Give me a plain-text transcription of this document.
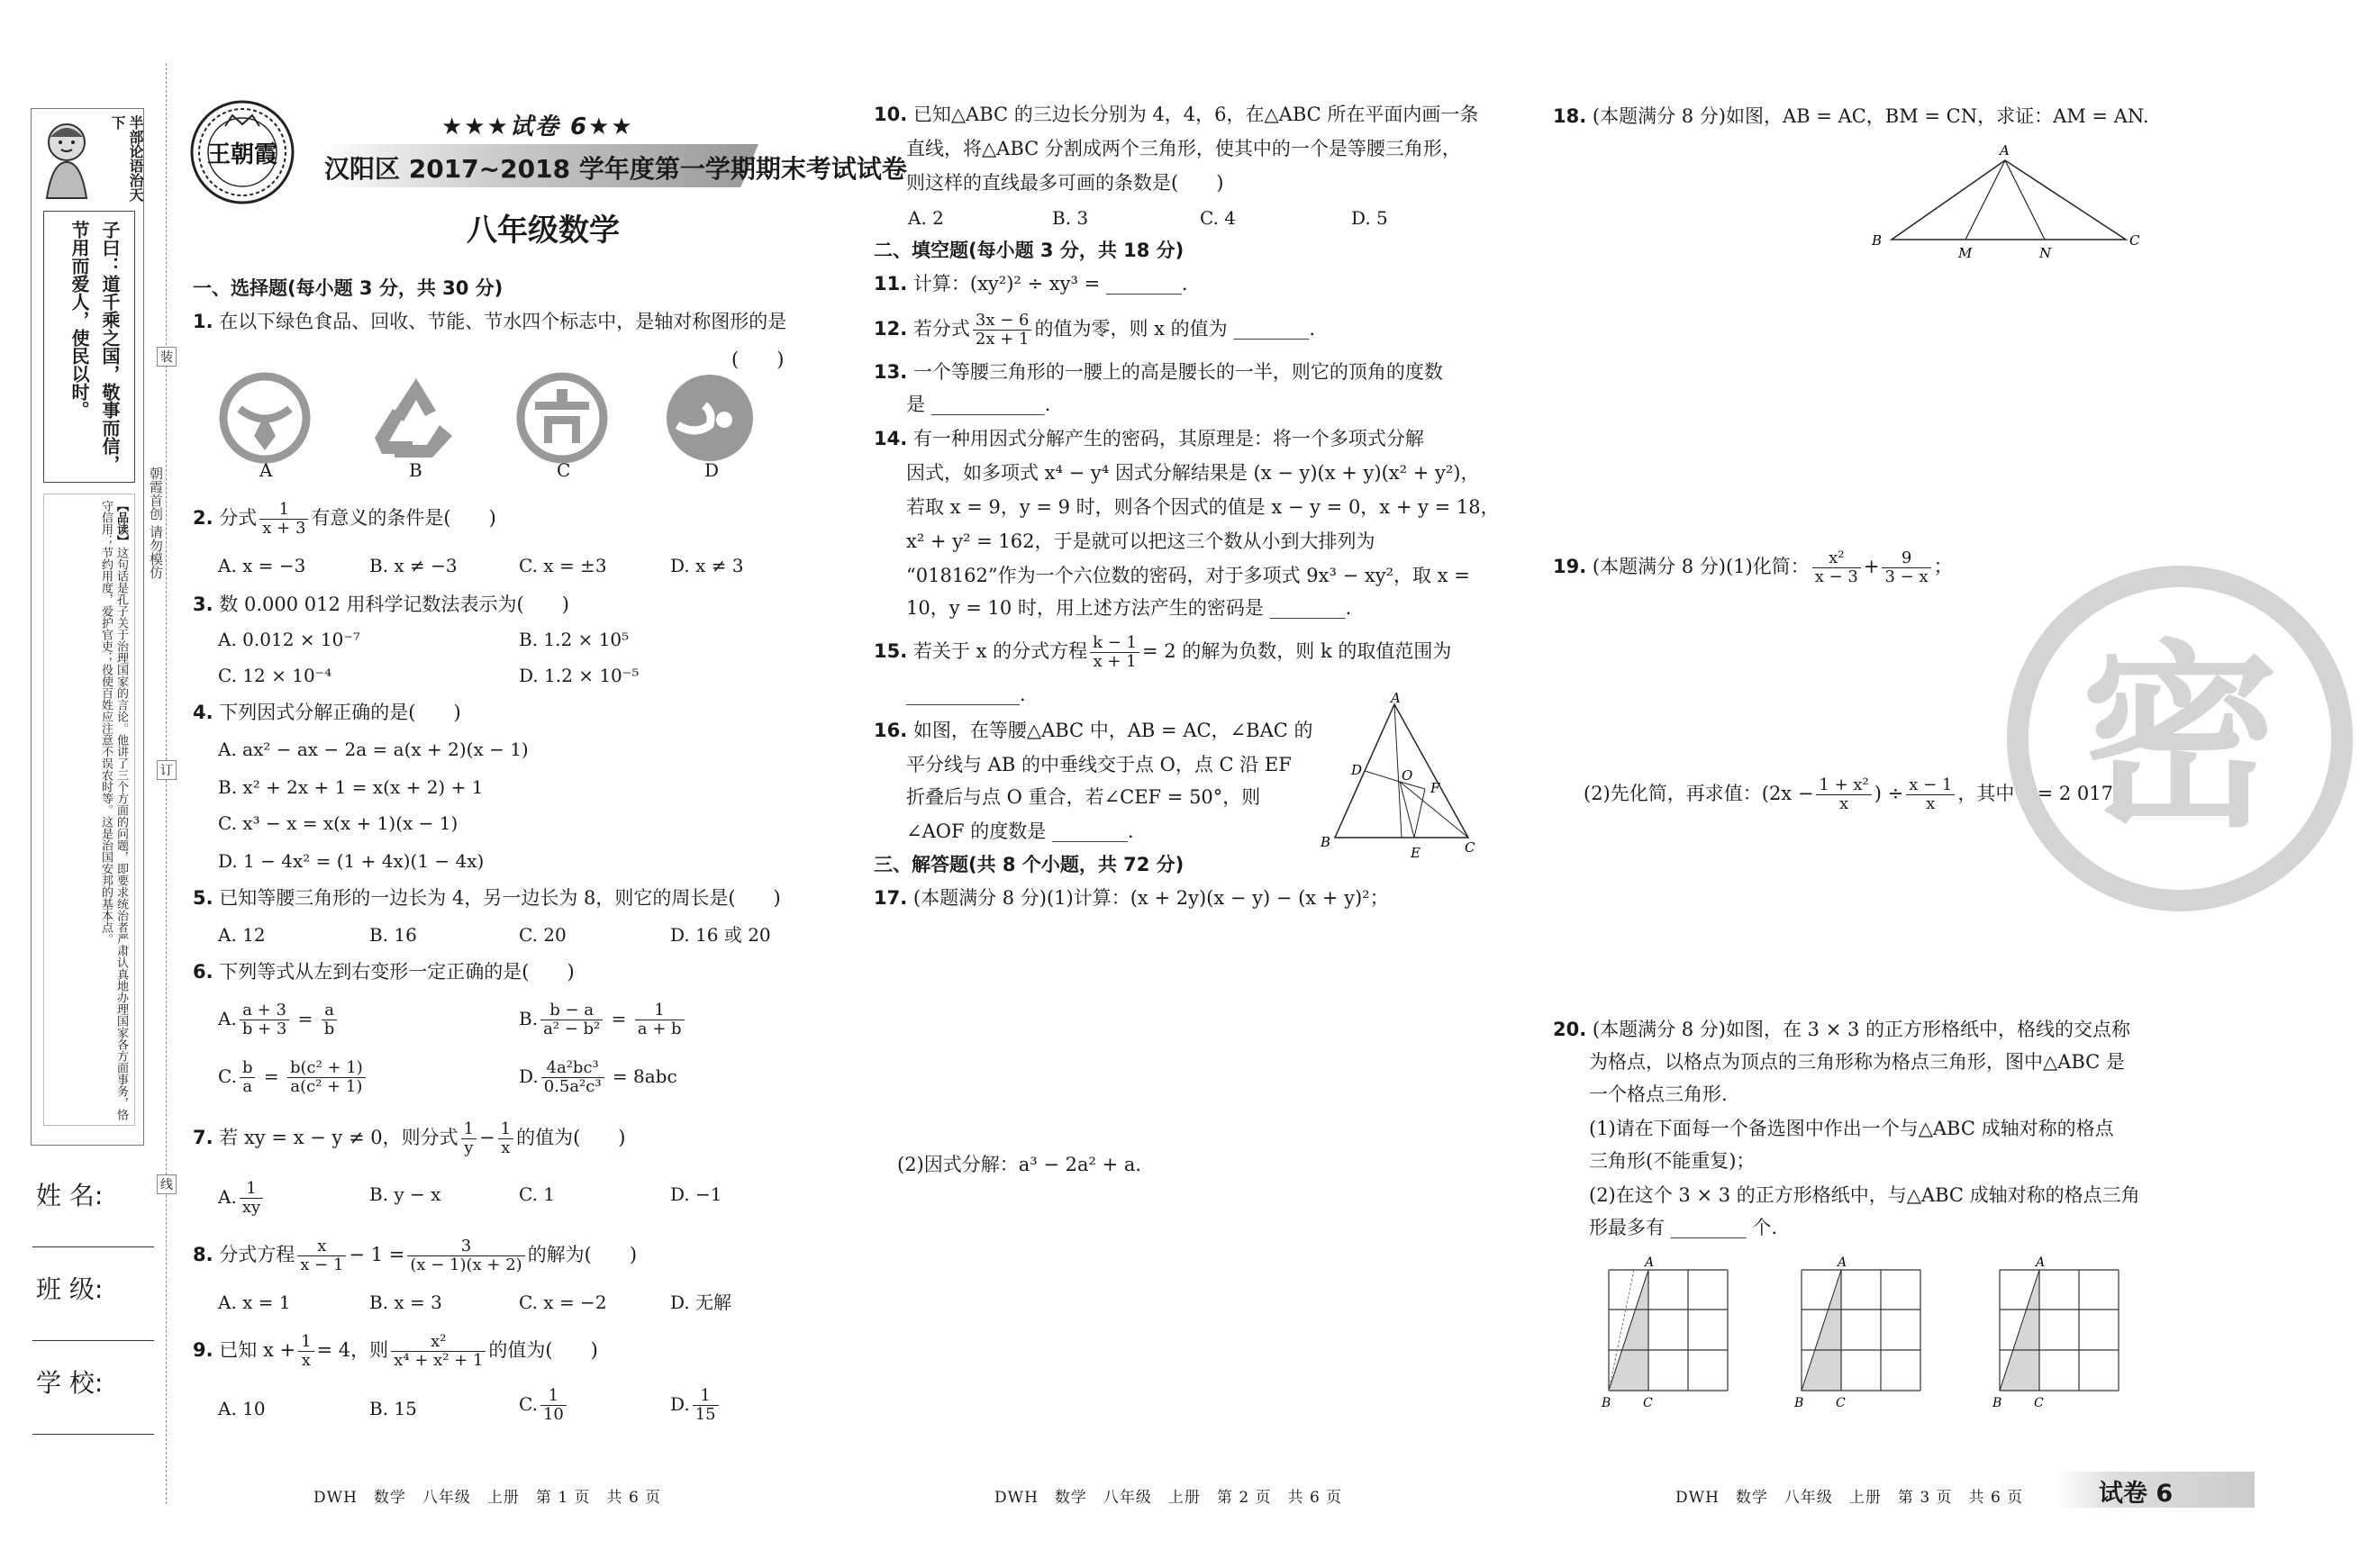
半部论语治天下
子曰：道千乘之国，敬事而信，节用而爱人，使民以时。
【品读】这句话是孔子关于治理国家的言论。他讲了三个方面的问题，即要求统治者严肃认真地办理国家各方面事务，恪守信用；节约用度，爱护官吏；役使百姓应注意不误农时等。这是治国安邦的基本点。
姓 名:
班 级:
学 校:
装
订
线
朝霞首创 请勿模仿
王朝霞
★★★试卷 6★★
汉阳区 2017~2018 学年度第一学期期末考试试卷
八年级数学
一、选择题(每小题 3 分，共 30 分)
1. 在以下绿色食品、回收、节能、节水四个标志中，是轴对称图形的是
(　　)
A	B	C	D
2. 分式 $\frac{1}{x + 3}$ 有意义的条件是(　　)
A. x = −3	B. x ≠ −3	C. x = ±3	D. x ≠ 3
3. 数 0.000 012 用科学记数法表示为(　　)
A. 0.012 × 10⁻⁷	B. 1.2 × 10⁵
C. 12 × 10⁻⁴	D. 1.2 × 10⁻⁵
4. 下列因式分解正确的是(　　)
A. ax² − ax − 2a = a(x + 2)(x − 1)
B. x² + 2x + 1 = x(x + 2) + 1
C. x³ − x = x(x + 1)(x − 1)
D. 1 − 4x² = (1 + 4x)(1 − 4x)
5. 已知等腰三角形的一边长为 4，另一边长为 8，则它的周长是(　　)
A. 12	B. 16	C. 20	D. 16 或 20
6. 下列等式从左到右变形一定正确的是(　　)
A. $\frac{a + 3}{b + 3} = \frac{a}{b}$	B. $\frac{b - a}{\text{a² − b²}} = \frac{1}{a + b}$
C. $\frac{b}{a} = \frac{\text{b(c² + 1)}}{\text{a(c² + 1)}}$	D. $\frac{\text{4a²bc³}}{\text{0.5a²c³}} = 8abc$
7. 若 xy = x − y ≠ 0，则分式 $\frac{1}{y} - \frac{1}{x}$ 的值为(　　)
A. $\frac{1}{xy}$	B. y − x	C. 1	D. −1
8. 分式方程 $\frac{x}{x - 1} - 1 = \frac{3}{(x - 1)(x + 2)}$ 的解为(　　)
A. x = 1	B. x = 3	C. x = −2	D. 无解
9. 已知 $x + \frac{1}{x} = 4$，则 $\frac{\text{x²}}{\text{x⁴ + x² + 1}}$ 的值为(　　)
A. 10	B. 15	C. $\frac{1}{10}$	D. $\frac{1}{15}$
10. 已知△ABC 的三边长分别为 4，4，6，在△ABC 所在平面内画一条
直线，将△ABC 分割成两个三角形，使其中的一个是等腰三角形，
则这样的直线最多可画的条数是(　　)
A. 2	B. 3	C. 4	D. 5
二、填空题(每小题 3 分，共 18 分)
11. 计算：(xy²)² ÷ xy³ = ________.
12. 若分式 $\frac{3x - 6}{2x + 1}$ 的值为零，则 x 的值为 ________.
13. 一个等腰三角形的一腰上的高是腰长的一半，则它的顶角的度数
是 ____________.
14. 有一种用因式分解产生的密码，其原理是：将一个多项式分解
因式，如多项式 x⁴ − y⁴ 因式分解结果是 (x − y)(x + y)(x² + y²)，
若取 x = 9，y = 9 时，则各个因式的值是 x − y = 0，x + y = 18，
x² + y² = 162，于是就可以把这三个数从小到大排列为
“018162”作为一个六位数的密码，对于多项式 9x³ − xy²，取 x =
10，y = 10 时，用上述方法产生的密码是 ________.
15. 若关于 x 的分式方程 $\frac{k - 1}{x + 1} = 2$ 的解为负数，则 k 的取值范围为
____________.
16. 如图，在等腰△ABC 中，AB = AC，∠BAC 的
平分线与 AB 的中垂线交于点 O，点 C 沿 EF
折叠后与点 O 重合，若∠CEF = 50°，则
∠AOF 的度数是 ________.
A
B	C
D
E
F
O
三、解答题(共 8 个小题，共 72 分)
17. (本题满分 8 分)(1)计算：(x + 2y)(x − y) − (x + y)²；
(2)因式分解：a³ − 2a² + a.
18. (本题满分 8 分)如图，AB = AC，BM = CN，求证：AM = AN.
A
B
M	N
C
19. (本题满分 8 分)(1)化简： $\frac{\text{x²}}{x - 3} + \frac{9}{3 - x}$ ；
(2)先化简，再求值：($2x - \frac{\text{1 + x²}}{x}$ ) ÷ $\frac{x - 1}{x}$ ，其中 x = 2 017.
密
20. (本题满分 8 分)如图，在 3 × 3 的正方形格纸中，格线的交点称
为格点，以格点为顶点的三角形称为格点三角形，图中△ABC 是
一个格点三角形.
(1)请在下面每一个备选图中作出一个与△ABC 成轴对称的格点
三角形(不能重复)；
(2)在这个 3 × 3 的正方形格纸中，与△ABC 成轴对称的格点三角
形最多有 ________ 个.
A
B	C
A
B	C
A
B	C
DWH　数学　八年级　上册　第 1 页　共 6 页	DWH　数学　八年级　上册　第 2 页　共 6 页	DWH　数学　八年级　上册　第 3 页　共 6 页	试卷 6
